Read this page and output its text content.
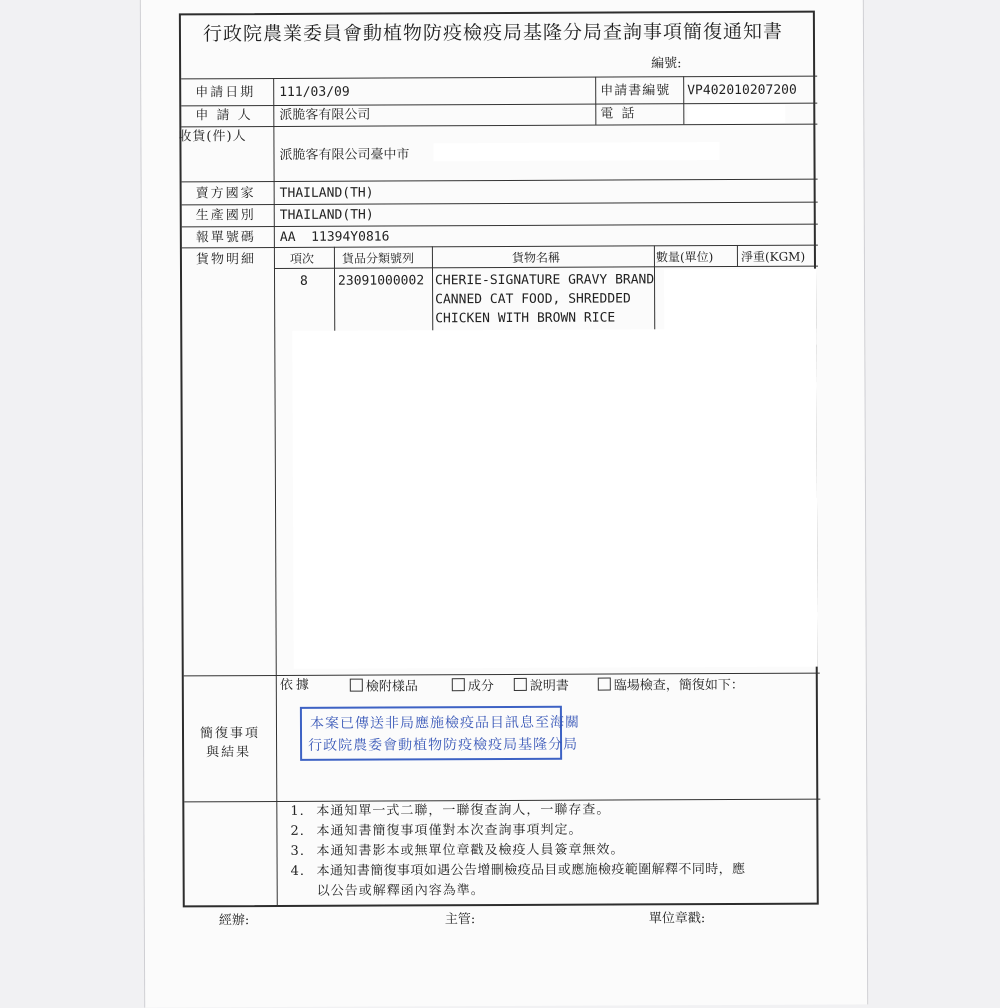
行政院農業委員會動植物防疫檢疫局基隆分局查詢事項簡復通知書
編號:
申請日期 111/03/09	申請書編號 VP402010207200
申 請 人 派脆客有限公司	電 話
收貨(件)人
派脆客有限公司臺中市
賣方國家 THAILAND(TH)
生產國別 THAILAND(TH)
報單號碼 AA  11394Y0816
貨物明細	項次 貨品分類號列	貨物名稱	數量(單位) 淨重(KGM)
8 23091000002 CHERIE-SIGNATURE GRAVY BRAND
CANNED CAT FOOD, SHREDDED
CHICKEN WITH BROWN RICE
依據	檢附樣品	成分	說明書	臨場檢查，簡復如下：
簡復事項
與結果
本案已傳送非局應施檢疫品目訊息至海關
行政院農委會動植物防疫檢疫局基隆分局
1. 本通知單一式二聯，一聯復查詢人，一聯存查。
2. 本通知書簡復事項僅對本次查詢事項判定。
3. 本通知書影本或無單位章戳及檢疫人員簽章無效。
4. 本通知書簡復事項如遇公告增刪檢疫品目或應施檢疫範圍解釋不同時，應
以公告或解釋函內容為準。
經辦:	主管:	單位章戳:
